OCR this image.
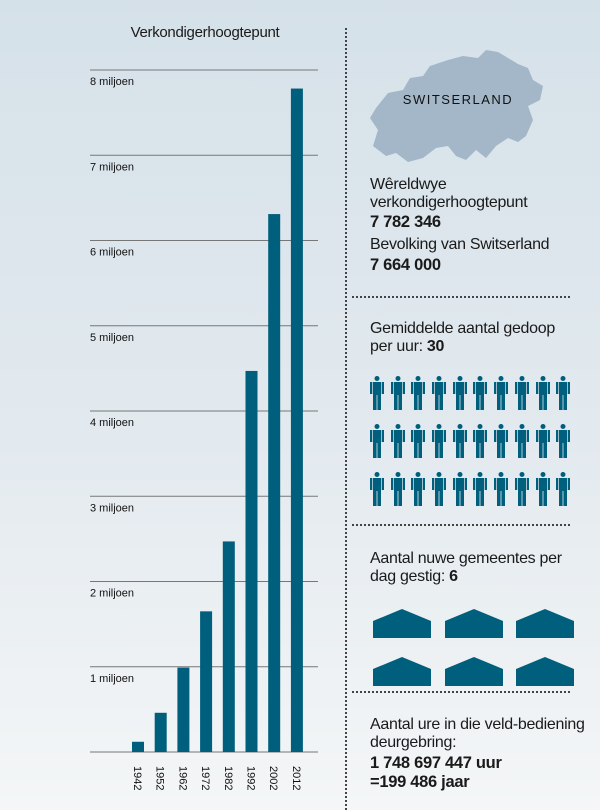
Verkondigerhoogtepunt
1 miljoen
2 miljoen
3 miljoen
4 miljoen
5 miljoen
6 miljoen
7 miljoen
8 miljoen
1942 1952 1962 1972 1982 1992 2002 2012
SWITSERLAND
Wêreldwye verkondigerhoogtepunt
7 782 346
Bevolking van Switserland
7 664 000
Gemiddelde aantal gedoop per uur: 30
Aantal nuwe gemeentes per dag gestig: 6
Aantal ure in die veld-bediening deurgebring:
1 748 697 447 uur
=199 486 jaar
